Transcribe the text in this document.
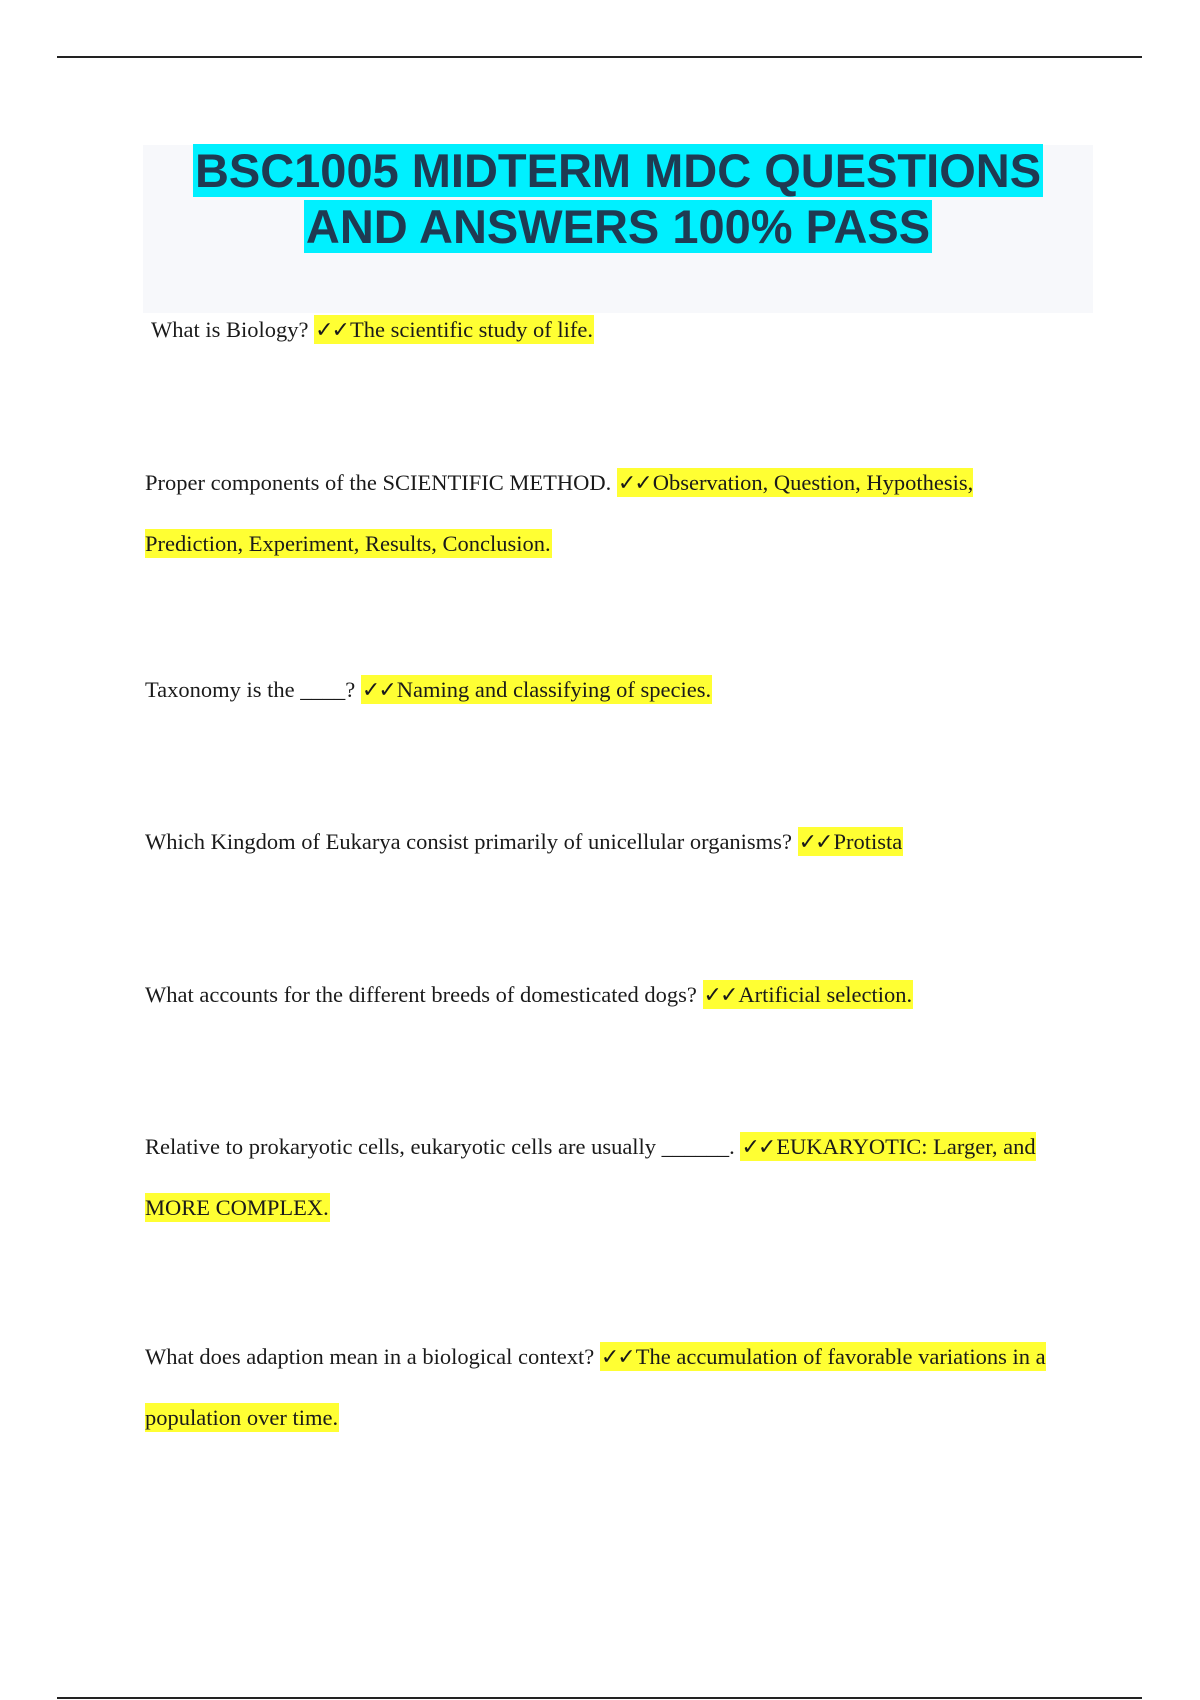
BSC1005 MIDTERM MDC QUESTIONS
AND ANSWERS 100% PASS
What is Biology? ✓✓The scientific study of life.
Proper components of the SCIENTIFIC METHOD. ✓✓Observation, Question, Hypothesis, Prediction, Experiment, Results, Conclusion.
Taxonomy is the ____? ✓✓Naming and classifying of species.
Which Kingdom of Eukarya consist primarily of unicellular organisms? ✓✓Protista
What accounts for the different breeds of domesticated dogs? ✓✓Artificial selection.
Relative to prokaryotic cells, eukaryotic cells are usually ______. ✓✓EUKARYOTIC: Larger, and MORE COMPLEX.
What does adaption mean in a biological context? ✓✓The accumulation of favorable variations in a population over time.
